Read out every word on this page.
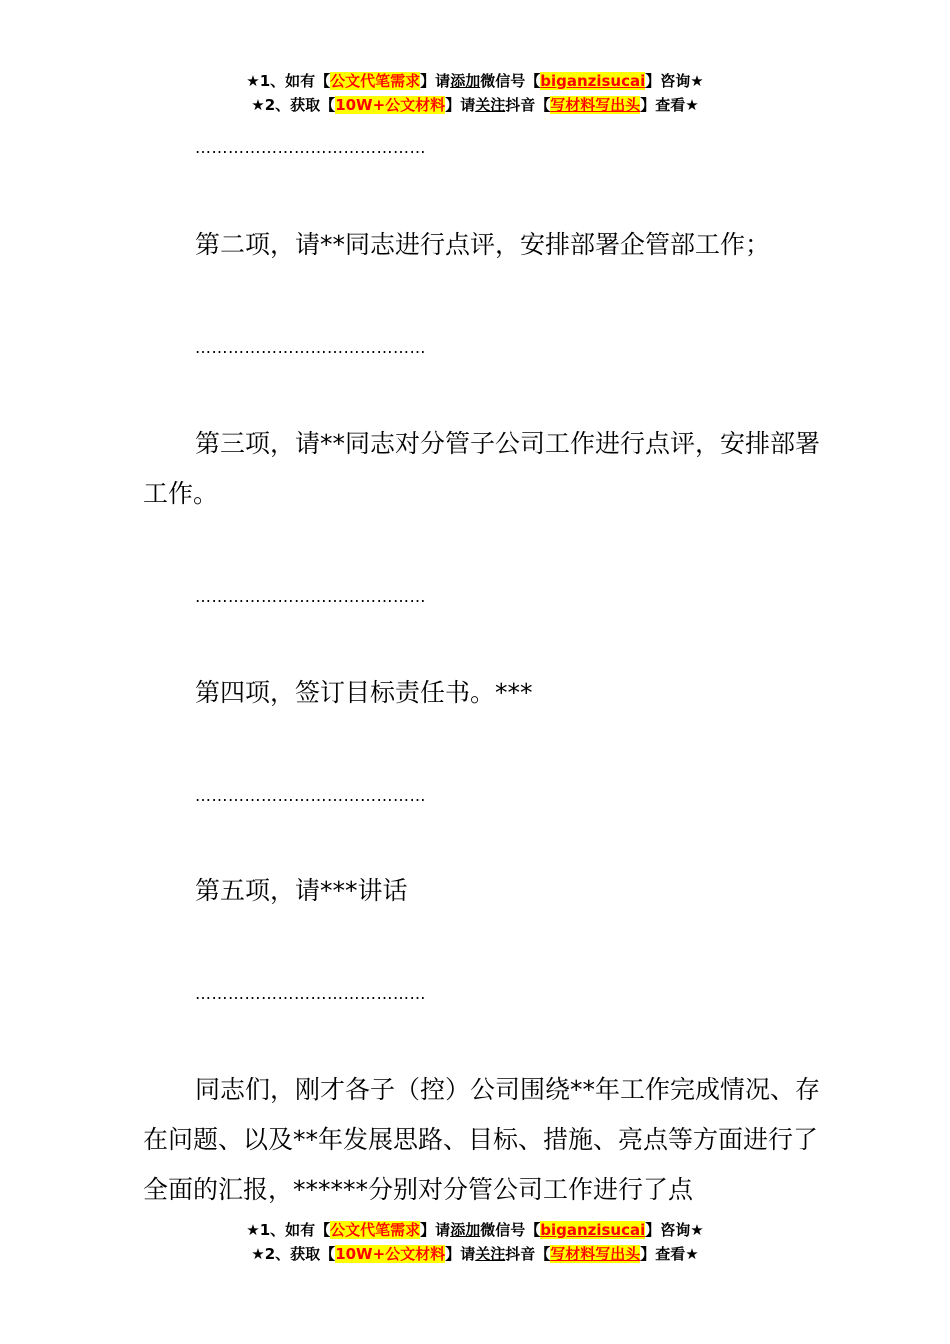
★1、如有【公文代笔需求】请添加微信号【biganzisucai】咨询★
★2、获取【10W+公文材料】请关注抖音【写材料写出头】查看★
……………………………………
第二项，请**同志进行点评，安排部署企管部工作；
……………………………………
第三项，请**同志对分管子公司工作进行点评，安排部署工作。
……………………………………
第四项，签订目标责任书。***
……………………………………
第五项，请***讲话
……………………………………
同志们，刚才各子（控）公司围绕**年工作完成情况、存在问题、以及**年发展思路、目标、措施、亮点等方面进行了全面的汇报，******分别对分管公司工作进行了点
★1、如有【公文代笔需求】请添加微信号【biganzisucai】咨询★
★2、获取【10W+公文材料】请关注抖音【写材料写出头】查看★
